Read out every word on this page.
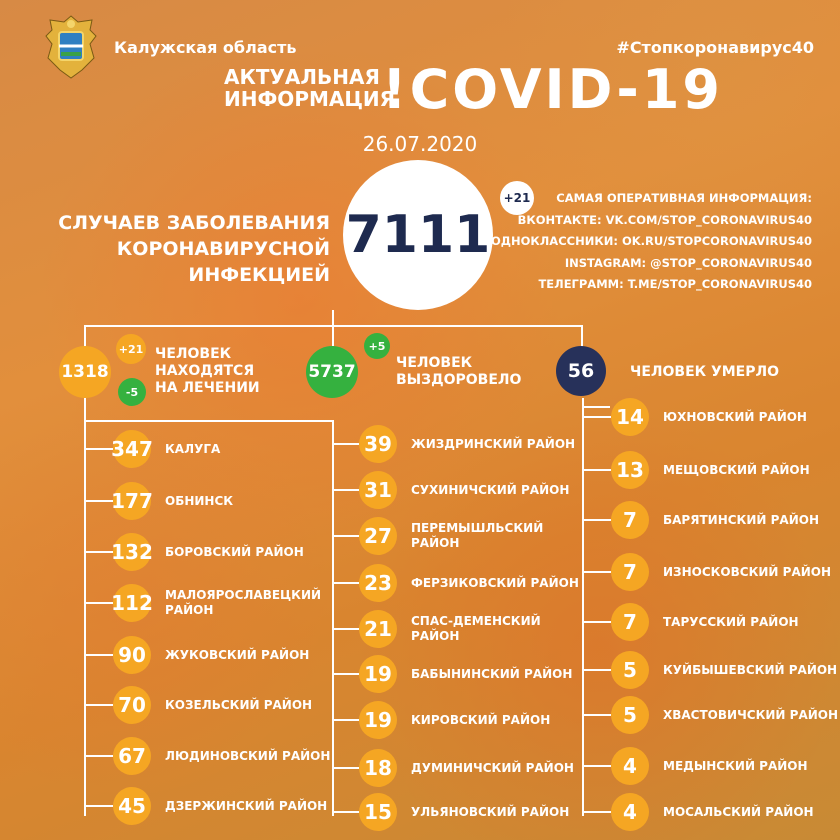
Калужская область	#Стопкоронавирус40
АКТУАЛЬНАЯ
ИНФОРМАЦИЯ
!COVID-19
26.07.2020
СЛУЧАЕВ ЗАБОЛЕВАНИЯ
КОРОНАВИРУСНОЙ ИНФЕКЦИЕЙ
7111
+21	САМАЯ ОПЕРАТИВНАЯ ИНФОРМАЦИЯ:
ВКОНТАКТЕ: VK.COM/STOP_CORONAVIRUS40
ОДНОКЛАССНИКИ: OK.RU/STOPCORONAVIRUS40
INSTAGRAM: @STOP_CORONAVIRUS40
ТЕЛЕГРАММ: T.ME/STOP_CORONAVIRUS40
1318
+21
-5
ЧЕЛОВЕК
НАХОДЯТСЯ
НА ЛЕЧЕНИИ
5737
+5
ЧЕЛОВЕК
ВЫЗДОРОВЕЛО	56	ЧЕЛОВЕК УМЕРЛО
347 КАЛУГА
177 ОБНИНСК
132 БОРОВСКИЙ РАЙОН
112 МАЛОЯРОСЛАВЕЦКИЙ
РАЙОН
90	ЖУКОВСКИЙ РАЙОН
70	КОЗЕЛЬСКИЙ РАЙОН
67	ЛЮДИНОВСКИЙ РАЙОН
45	ДЗЕРЖИНСКИЙ РАЙОН
39	ЖИЗДРИНСКИЙ РАЙОН
31	СУХИНИЧСКИЙ РАЙОН
27	ПЕРЕМЫШЛЬСКИЙ
РАЙОН
23	ФЕРЗИКОВСКИЙ РАЙОН
21	СПАС-ДЕМЕНСКИЙ
РАЙОН
19	БАБЫНИНСКИЙ РАЙОН
19	КИРОВСКИЙ РАЙОН
18	ДУМИНИЧСКИЙ РАЙОН
15	УЛЬЯНОВСКИЙ РАЙОН
14	ЮХНОВСКИЙ РАЙОН
13	МЕЩОВСКИЙ РАЙОН
7	БАРЯТИНСКИЙ РАЙОН
7	ИЗНОСКОВСКИЙ РАЙОН
7	ТАРУССКИЙ РАЙОН
5	КУЙБЫШЕВСКИЙ РАЙОН
5	ХВАСТОВИЧСКИЙ РАЙОН
4	МЕДЫНСКИЙ РАЙОН
4	МОСАЛЬСКИЙ РАЙОН
